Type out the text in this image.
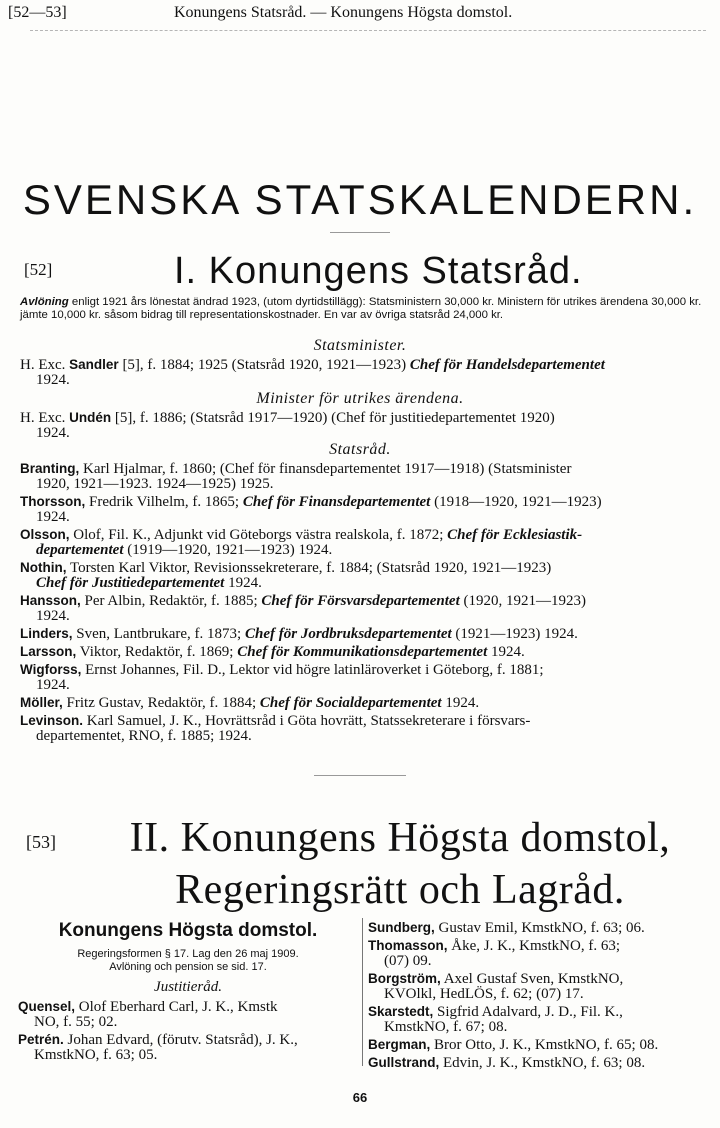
[52—53]	Konungens Statsråd. — Konungens Högsta domstol.
SVENSKA STATSKALENDERN.
[52]	I. Konungens Statsråd.
Avlöning enligt 1921 års lönestat ändrad 1923, (utom dyrtidstillägg): Statsministern 30,000 kr. Ministern för utrikes ärendena 30,000 kr. jämte 10,000 kr. såsom bidrag till representationskostnader. En var av övriga statsråd 24,000 kr.
Statsminister.
H. Exc. Sandler [5], f. 1884; 1925 (Statsråd 1920, 1921—1923) Chef för Handelsdepartementet
1924.
Minister för utrikes ärendena.
H. Exc. Undén [5], f. 1886; (Statsråd 1917—1920) (Chef för justitiedepartementet 1920)
1924.
Statsråd.
Branting, Karl Hjalmar, f. 1860; (Chef för finansdepartementet 1917—1918) (Statsminister
1920, 1921—1923. 1924—1925) 1925.
Thorsson, Fredrik Vilhelm, f. 1865; Chef för Finansdepartementet (1918—1920, 1921—1923)
1924.
Olsson, Olof, Fil. K., Adjunkt vid Göteborgs västra realskola, f. 1872; Chef för Ecklesiastik-
departementet (1919—1920, 1921—1923) 1924.
Nothin, Torsten Karl Viktor, Revisionssekreterare, f. 1884; (Statsråd 1920, 1921—1923)
Chef för Justitiedepartementet 1924.
Hansson, Per Albin, Redaktör, f. 1885; Chef för Försvarsdepartementet (1920, 1921—1923)
1924.
Linders, Sven, Lantbrukare, f. 1873; Chef för Jordbruksdepartementet (1921—1923) 1924.
Larsson, Viktor, Redaktör, f. 1869; Chef för Kommunikationsdepartementet 1924.
Wigforss, Ernst Johannes, Fil. D., Lektor vid högre latinläroverket i Göteborg, f. 1881;
1924.
Möller, Fritz Gustav, Redaktör, f. 1884; Chef för Socialdepartementet 1924.
Levinson. Karl Samuel, J. K., Hovrättsråd i Göta hovrätt, Statssekreterare i försvars-
departementet, RNO, f. 1885; 1924.
[53]	II. Konungens Högsta domstol,
Regeringsrätt och Lagråd.
Konungens Högsta domstol.
Regeringsformen § 17. Lag den 26 maj 1909.
Avlöning och pension se sid. 17.
Justitieråd.
Quensel, Olof Eberhard Carl, J. K., Kmstk
NO, f. 55; 02.
Petrén. Johan Edvard, (förutv. Statsråd), J. K.,
KmstkNO, f. 63; 05.
Sundberg, Gustav Emil, KmstkNO, f. 63; 06.
Thomasson, Åke, J. K., KmstkNO, f. 63;
(07) 09.
Borgström, Axel Gustaf Sven, KmstkNO,
KVOlkl, HedLÖS, f. 62; (07) 17.
Skarstedt, Sigfrid Adalvard, J. D., Fil. K.,
KmstkNO, f. 67; 08.
Bergman, Bror Otto, J. K., KmstkNO, f. 65; 08.
Gullstrand, Edvin, J. K., KmstkNO, f. 63; 08.
66
